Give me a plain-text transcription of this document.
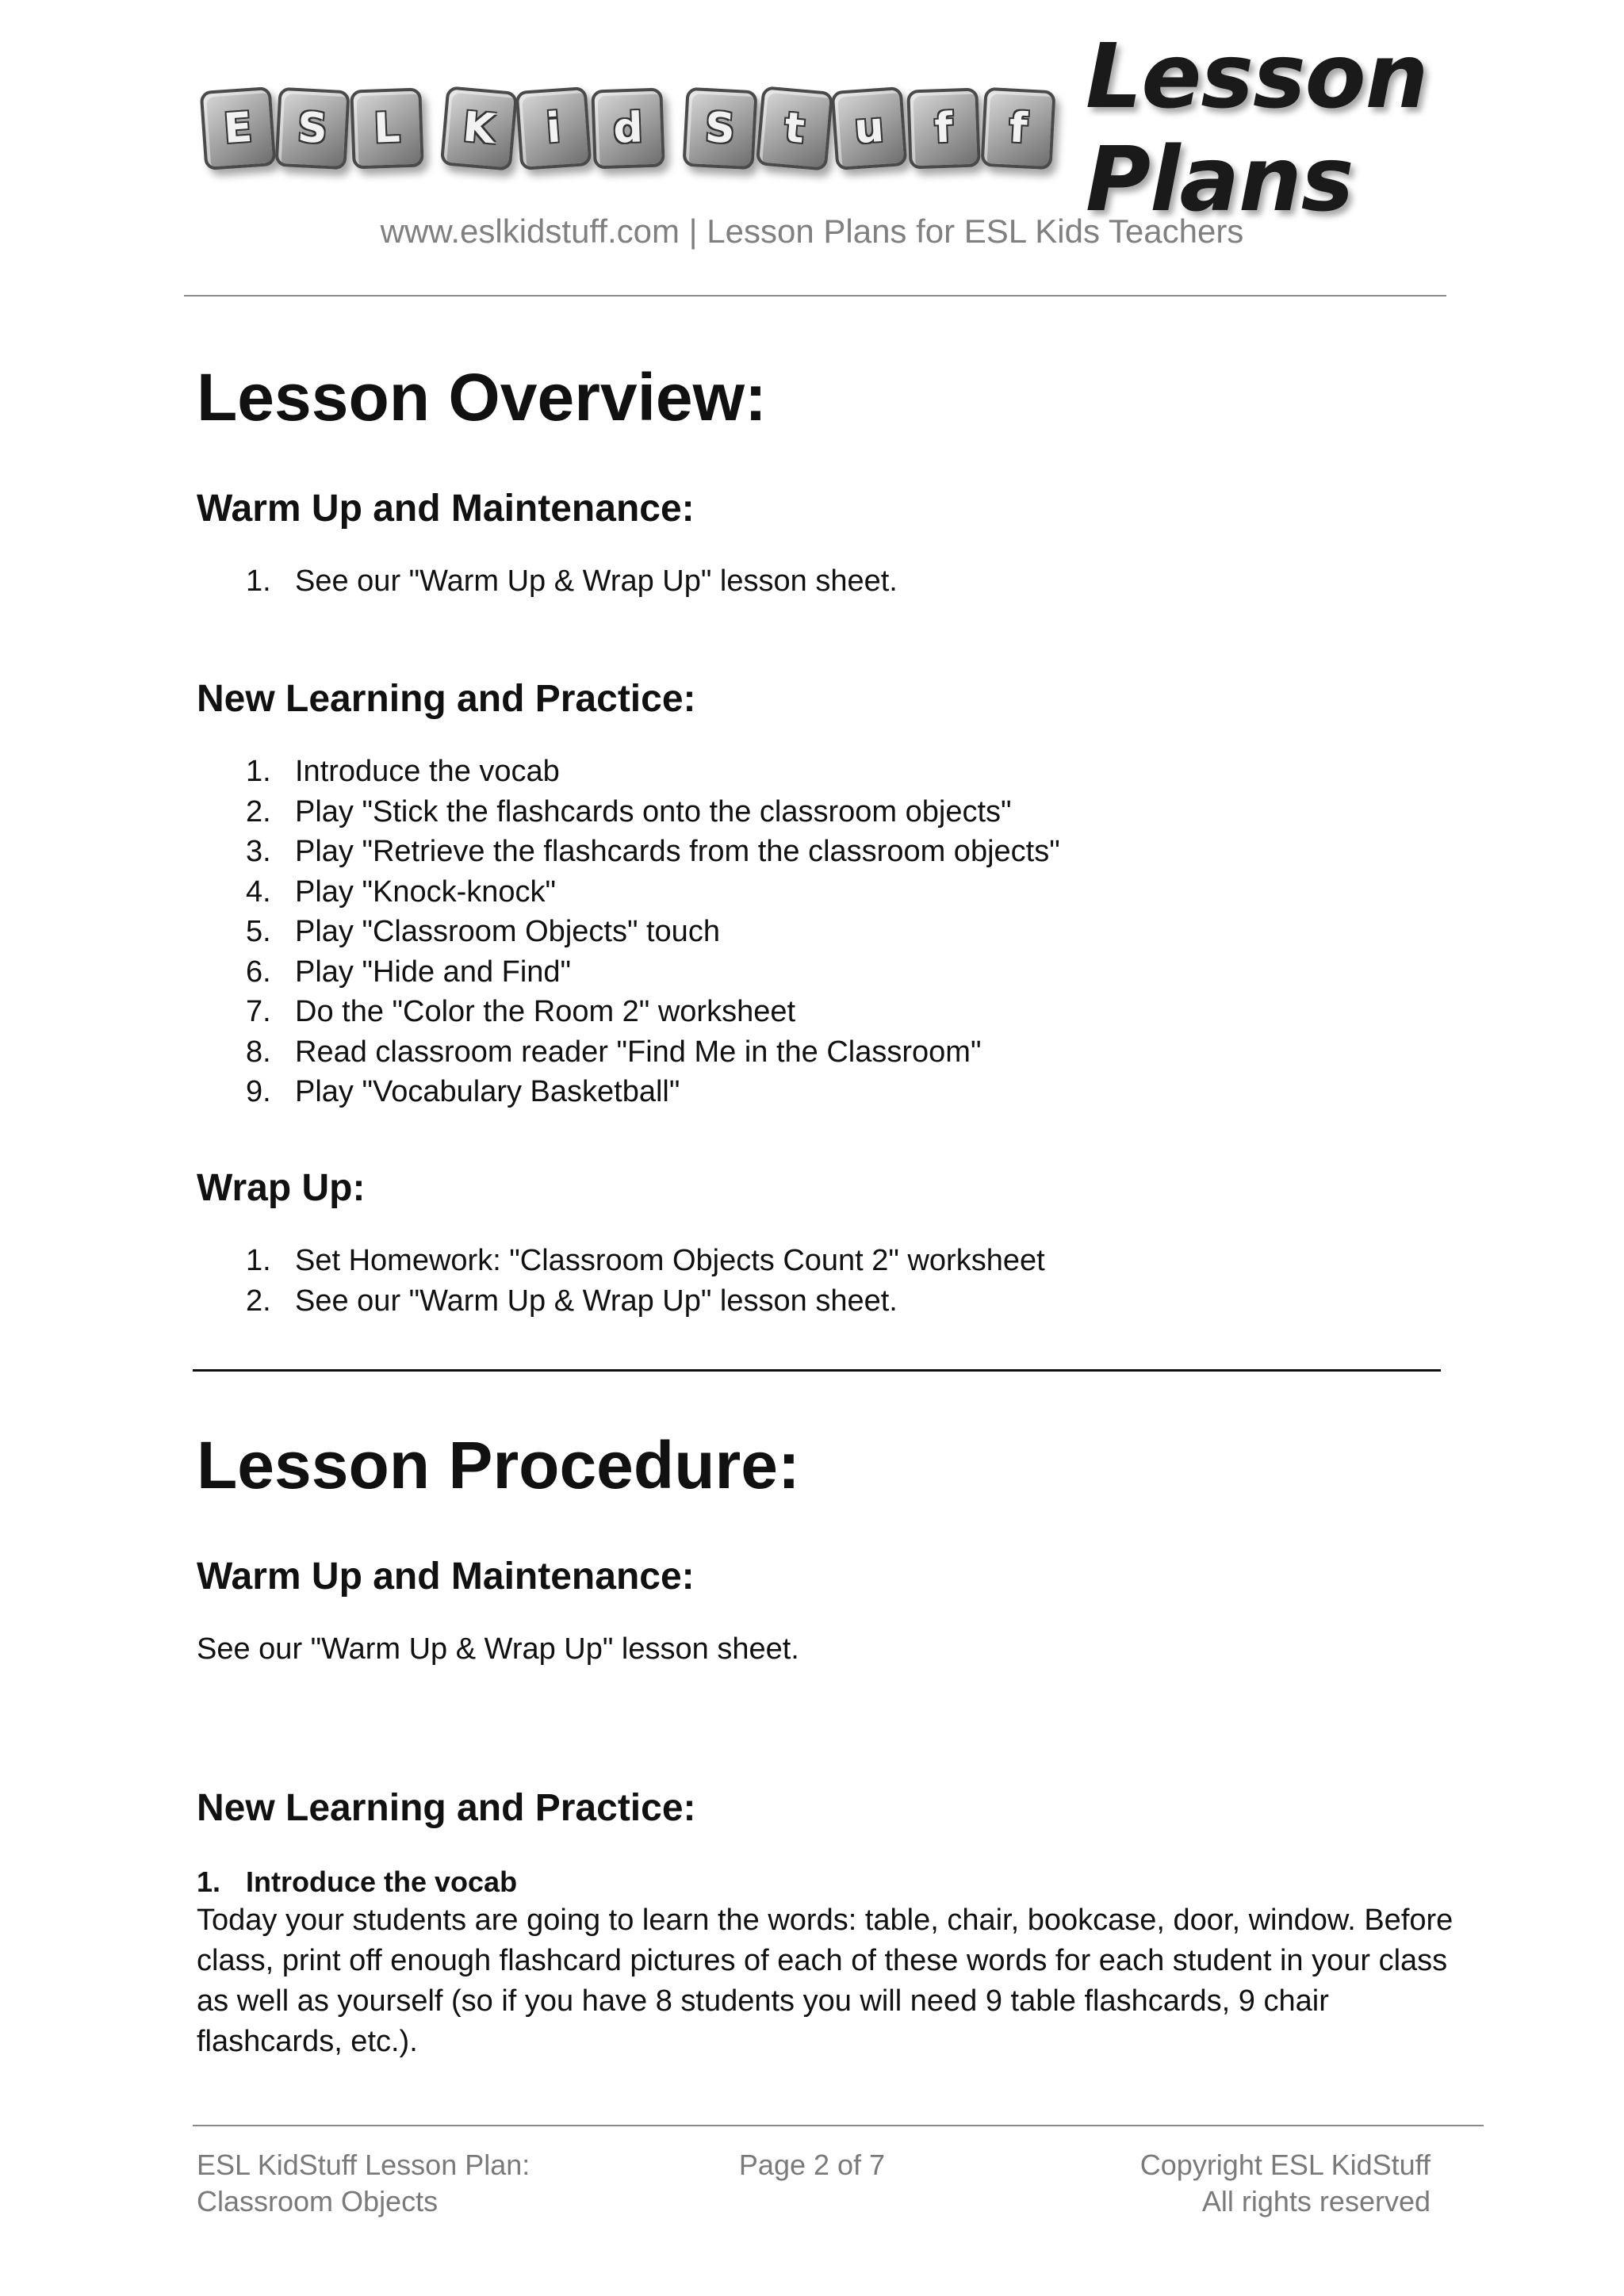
E	S	L	K	i	d	S	t	u	f	f Lesson Plans
www.eslkidstuff.com | Lesson Plans for ESL Kids Teachers
Lesson Overview:
Warm Up and Maintenance:
1. See our "Warm Up & Wrap Up" lesson sheet.
New Learning and Practice:
1. Introduce the vocab
2. Play "Stick the flashcards onto the classroom objects"
3. Play "Retrieve the flashcards from the classroom objects"
4. Play "Knock-knock"
5. Play "Classroom Objects" touch
6. Play "Hide and Find"
7. Do the "Color the Room 2" worksheet
8. Read classroom reader "Find Me in the Classroom"
9. Play "Vocabulary Basketball"
Wrap Up:
1. Set Homework: "Classroom Objects Count 2" worksheet
2. See our "Warm Up & Wrap Up" lesson sheet.
Lesson Procedure:
Warm Up and Maintenance:

See our "Warm Up & Wrap Up" lesson sheet.

New Learning and Practice:
1. Introduce the vocab

Today your students are going to learn the words: table, chair, bookcase, door, window. Before class, print off enough flashcard pictures of each of these words for each student in your class as well as yourself (so if you have 8 students you will need 9 table flashcards, 9 chair flashcards, etc.).

ESL KidStuff Lesson Plan:
Classroom Objects
Page 2 of 7	Copyright ESL KidStuff
All rights reserved
